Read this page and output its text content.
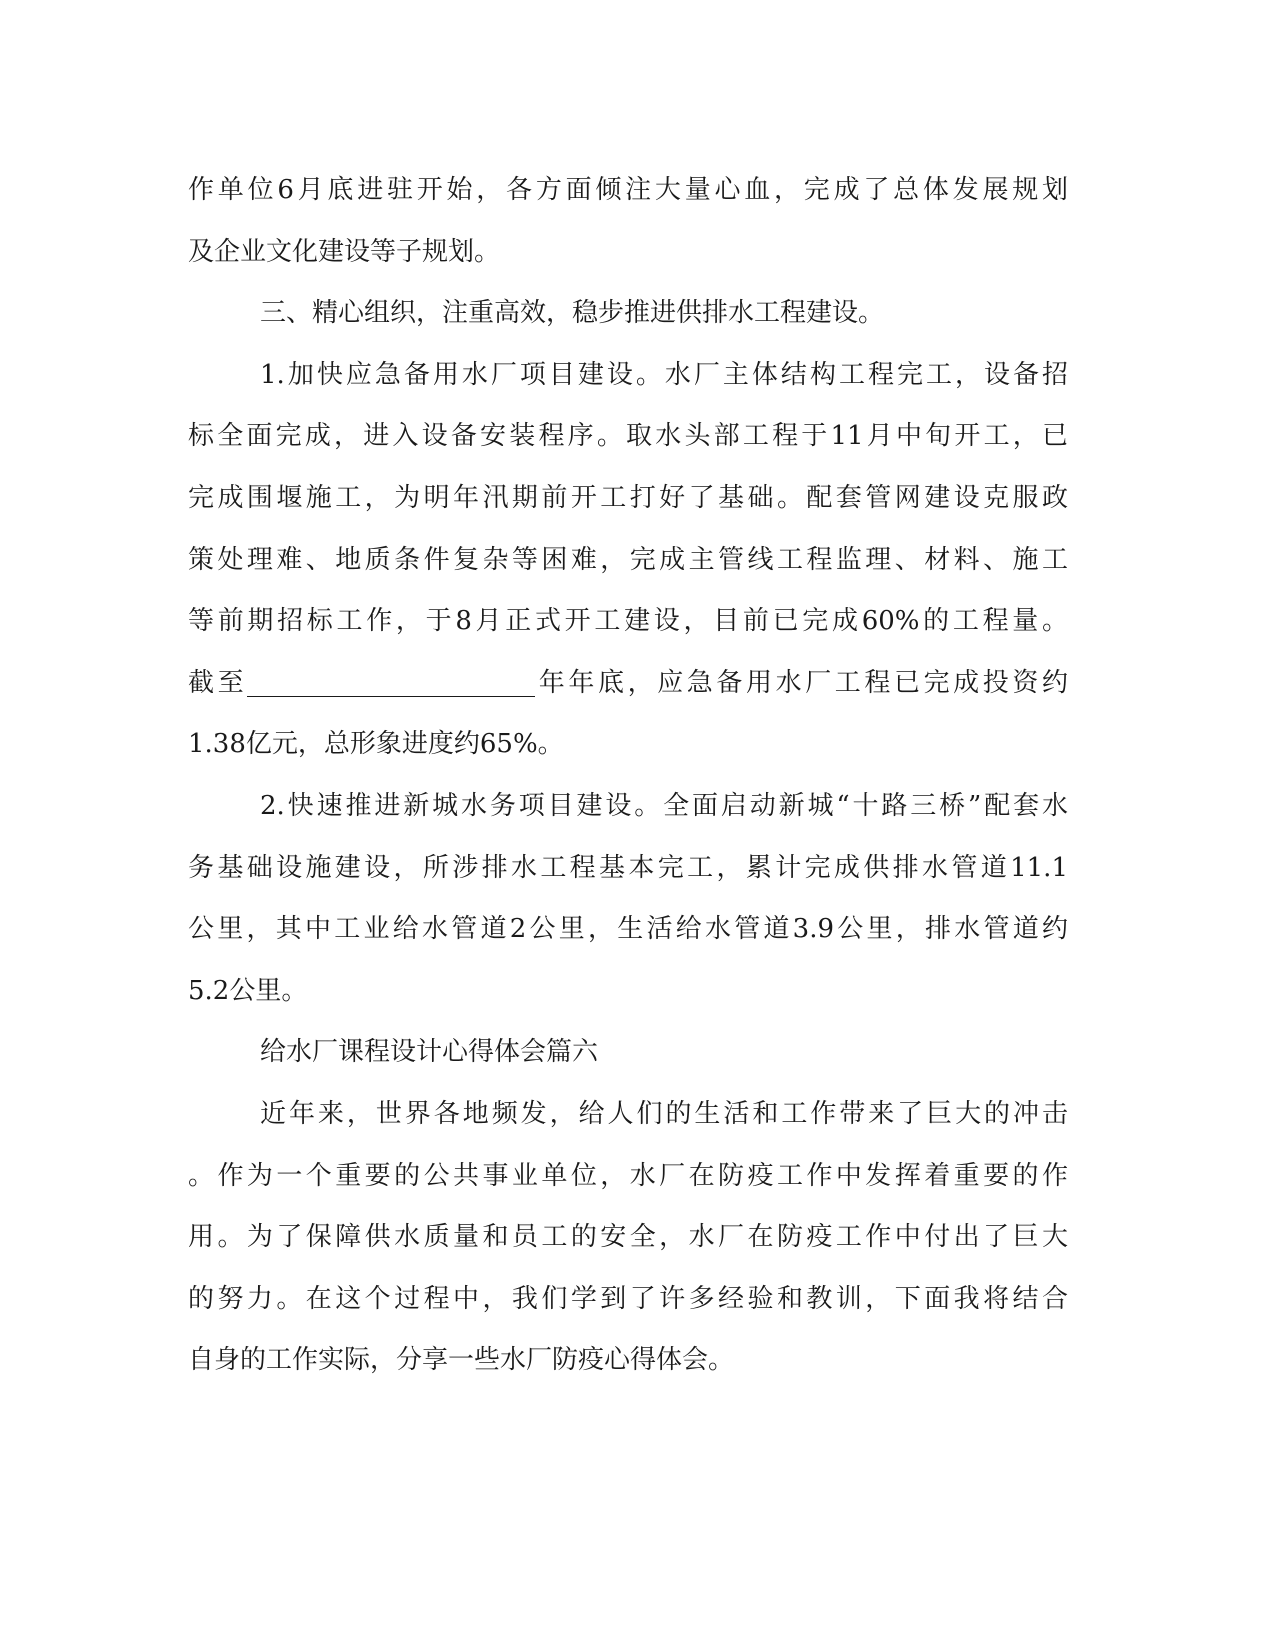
作单位6月底进驻开始，各方面倾注大量心血，完成了总体发展规划
及企业文化建设等子规划。
三、精心组织，注重高效，稳步推进供排水工程建设。
1.加快应急备用水厂项目建设。水厂主体结构工程完工，设备招
标全面完成，进入设备安装程序。取水头部工程于11月中旬开工，已
完成围堰施工，为明年汛期前开工打好了基础。配套管网建设克服政
策处理难、地质条件复杂等困难，完成主管线工程监理、材料、施工
等前期招标工作，于8月正式开工建设，目前已完成60%的工程量。
截至	年年底，应急备用水厂工程已完成投资约
1.38亿元，总形象进度约65%。
2.快速推进新城水务项目建设。全面启动新城“十路三桥”配套水
务基础设施建设，所涉排水工程基本完工，累计完成供排水管道11.1
公里，其中工业给水管道2公里，生活给水管道3.9公里，排水管道约
5.2公里。
给水厂课程设计心得体会篇六
近年来，世界各地频发，给人们的生活和工作带来了巨大的冲击
。作为一个重要的公共事业单位，水厂在防疫工作中发挥着重要的作
用。为了保障供水质量和员工的安全，水厂在防疫工作中付出了巨大
的努力。在这个过程中，我们学到了许多经验和教训，下面我将结合
自身的工作实际，分享一些水厂防疫心得体会。
